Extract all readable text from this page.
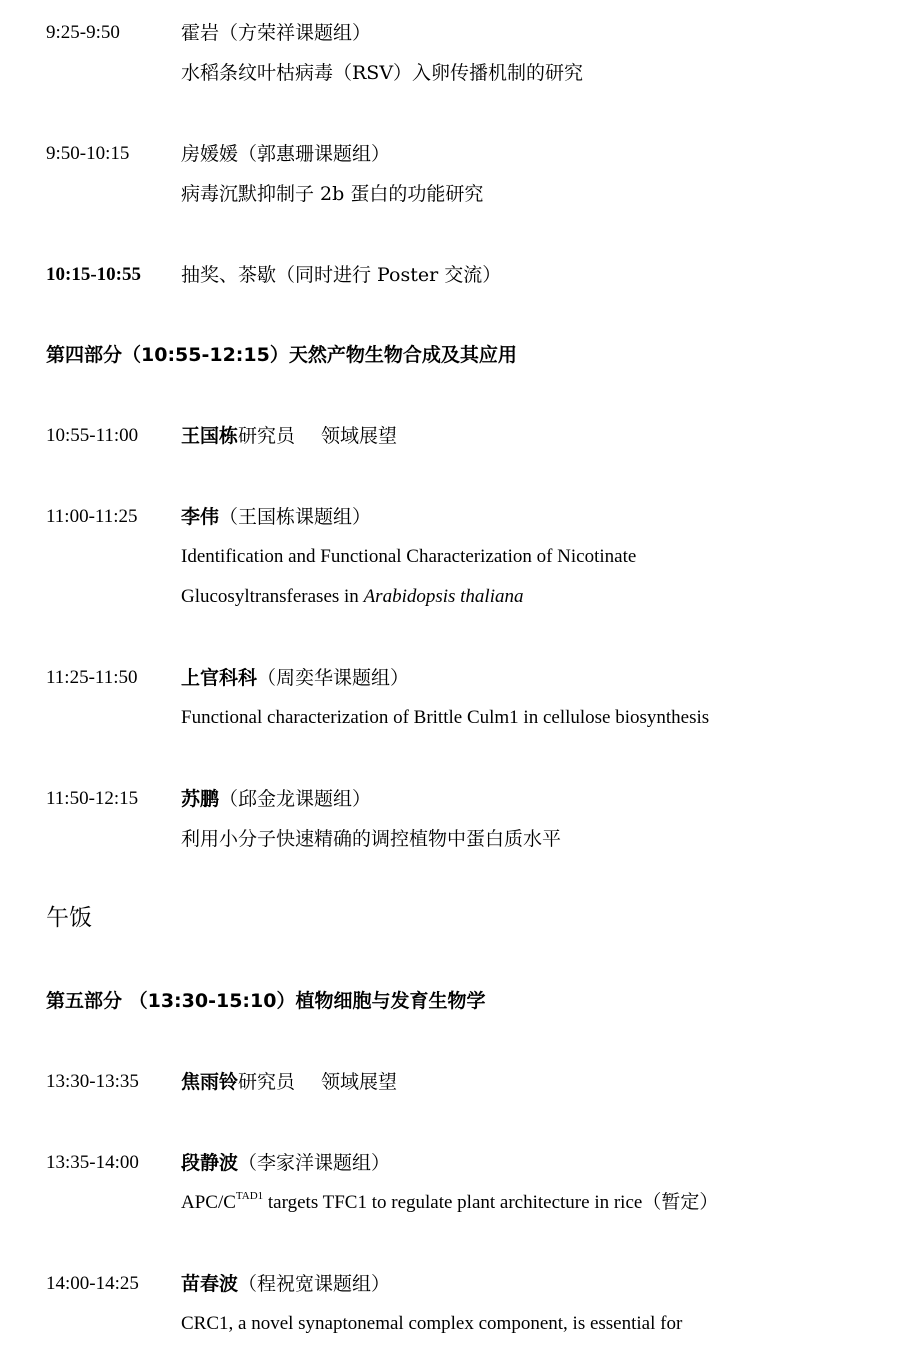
9:25-9:50	霍岩（方荣祥课题组）
水稻条纹叶枯病毒（RSV）入卵传播机制的研究
9:50-10:15	房媛媛（郭惠珊课题组）
病毒沉默抑制子 2b 蛋白的功能研究
10:15-10:55 抽奖、茶歇（同时进行 Poster 交流）
第四部分（10:55-12:15）天然产物生物合成及其应用
10:55-11:00 王国栋研究员 领域展望
11:00-11:25 李伟（王国栋课题组）
Identification and Functional Characterization of Nicotinate
Glucosyltransferases in Arabidopsis thaliana
11:25-11:50 上官科科（周奕华课题组）
Functional characterization of Brittle Culm1 in cellulose biosynthesis
11:50-12:15 苏鹏（邱金龙课题组）
利用小分子快速精确的调控植物中蛋白质水平
午饭
第五部分 （13:30-15:10）植物细胞与发育生物学
13:30-13:35 焦雨铃研究员 领域展望
13:35-14:00 段静波（李家洋课题组）
APC/$C^{TAD1}$ targets TFC1 to regulate plant architecture in rice（暂定）
14:00-14:25 苗春波（程祝宽课题组）
CRC1, a novel synaptonemal complex component, is essential for
